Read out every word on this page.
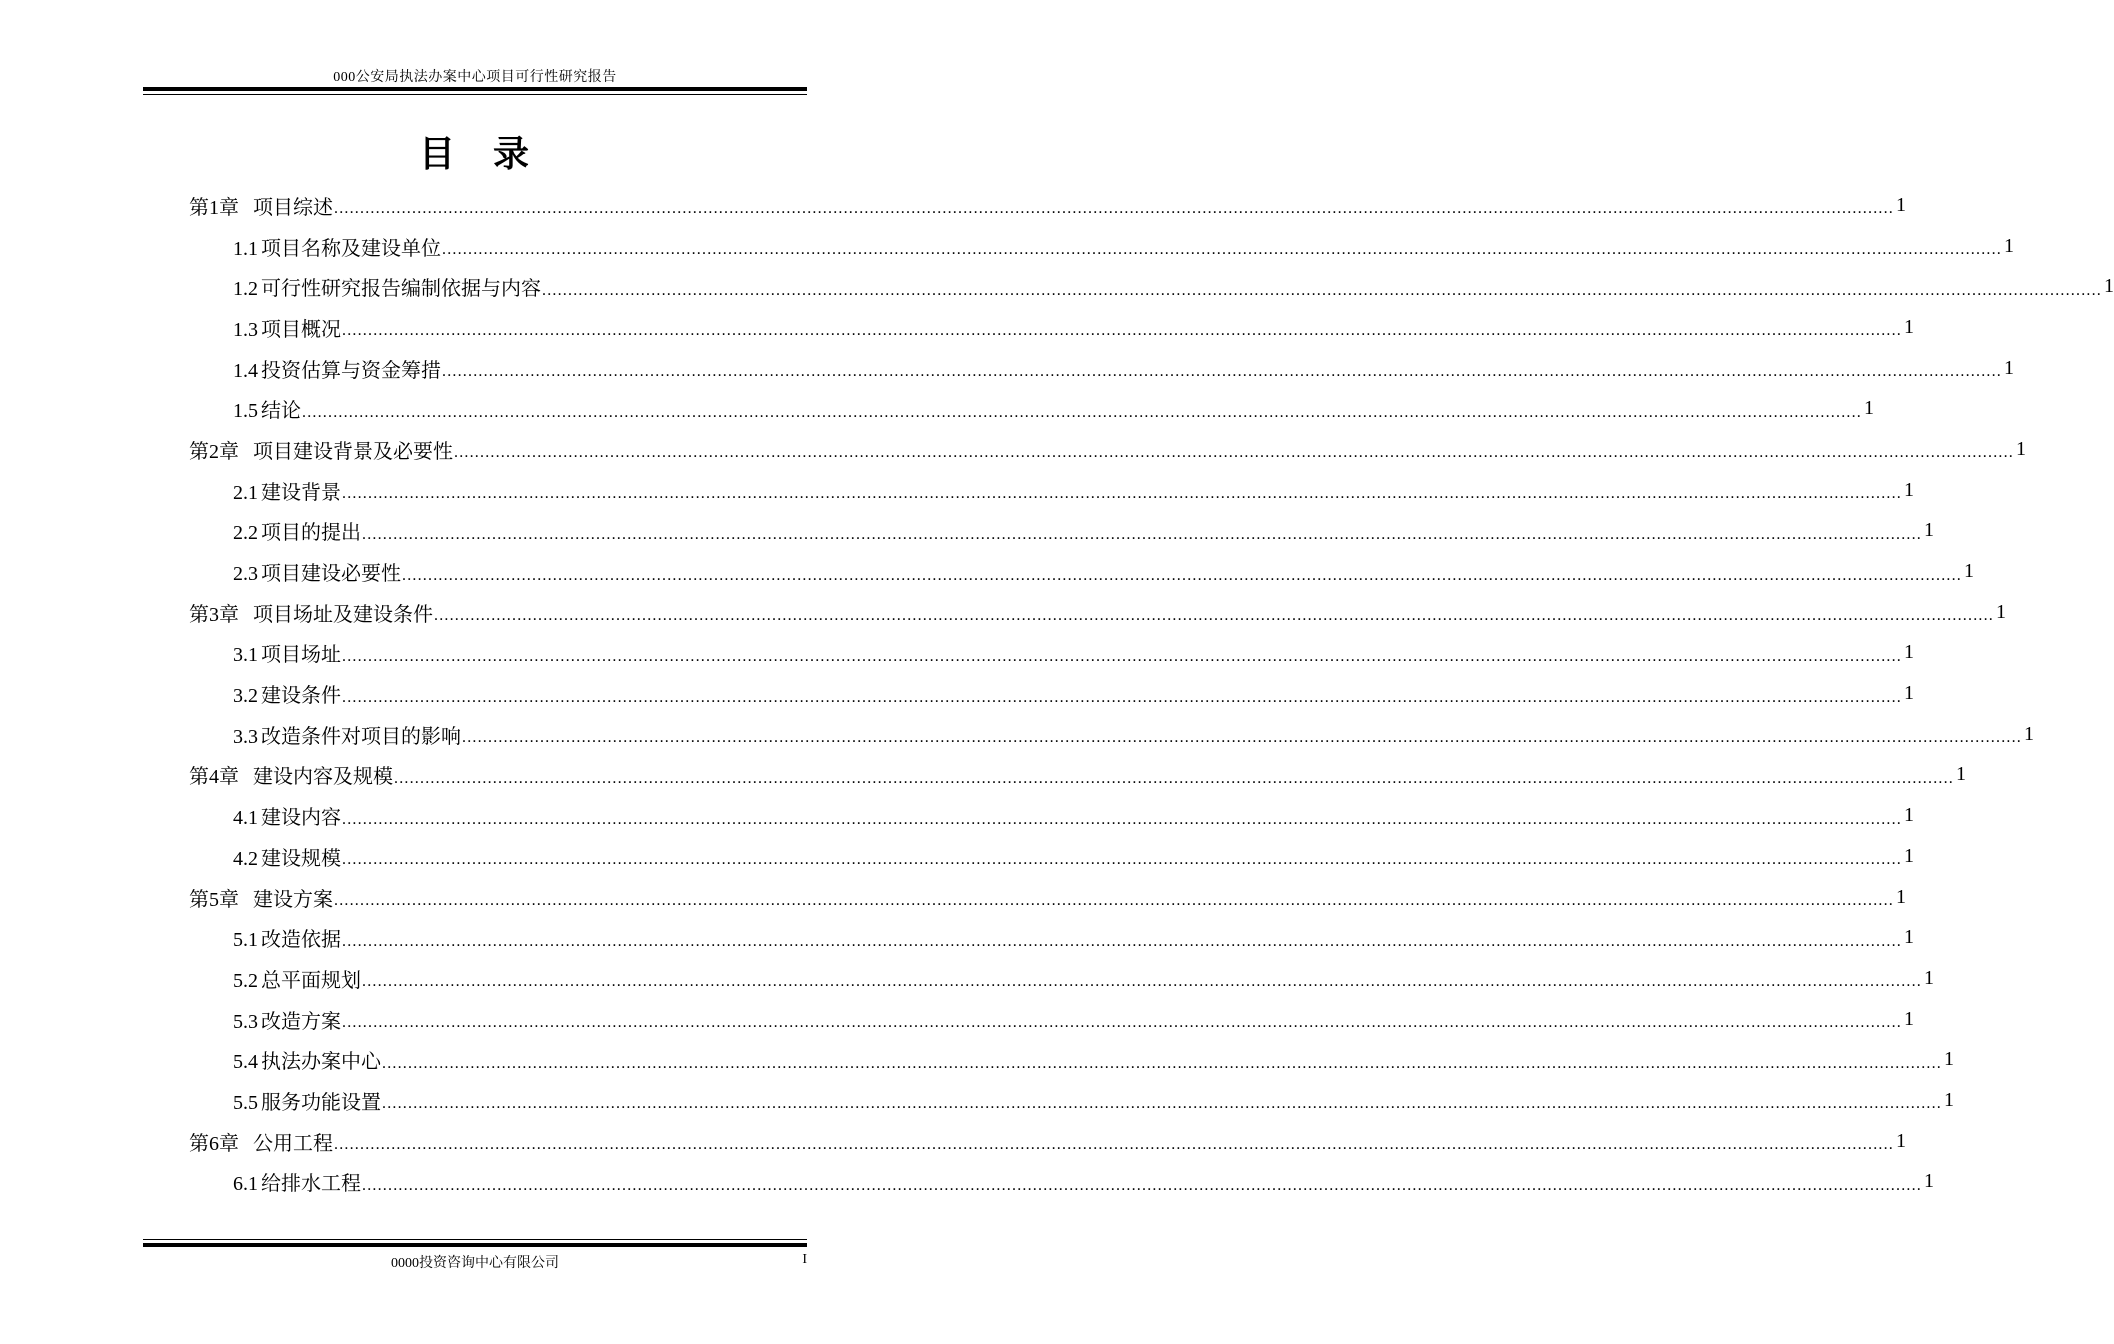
000公安局执法办案中心项目可行性研究报告
目 录
第1章 项目综述 ............................................................................................................................................................................................................................................................................................................ 1
1.1 项目名称及建设单位 ............................................................................................................................................................................................................................................................................................................ 1
1.2 可行性研究报告编制依据与内容 ............................................................................................................................................................................................................................................................................................................ 1
1.3 项目概况 ............................................................................................................................................................................................................................................................................................................ 1
1.4 投资估算与资金筹措 ............................................................................................................................................................................................................................................................................................................ 1
1.5 结论 ............................................................................................................................................................................................................................................................................................................ 1
第2章 项目建设背景及必要性 ............................................................................................................................................................................................................................................................................................................ 1
2.1 建设背景 ............................................................................................................................................................................................................................................................................................................ 1
2.2 项目的提出 ............................................................................................................................................................................................................................................................................................................ 1
2.3 项目建设必要性 ............................................................................................................................................................................................................................................................................................................ 1
第3章 项目场址及建设条件 ............................................................................................................................................................................................................................................................................................................ 1
3.1 项目场址 ............................................................................................................................................................................................................................................................................................................ 1
3.2 建设条件 ............................................................................................................................................................................................................................................................................................................ 1
3.3 改造条件对项目的影响 ............................................................................................................................................................................................................................................................................................................ 1
第4章 建设内容及规模 ............................................................................................................................................................................................................................................................................................................ 1
4.1 建设内容 ............................................................................................................................................................................................................................................................................................................ 1
4.2 建设规模 ............................................................................................................................................................................................................................................................................................................ 1
第5章 建设方案 ............................................................................................................................................................................................................................................................................................................ 1
5.1 改造依据 ............................................................................................................................................................................................................................................................................................................ 1
5.2 总平面规划 ............................................................................................................................................................................................................................................................................................................ 1
5.3 改造方案 ............................................................................................................................................................................................................................................................................................................ 1
5.4 执法办案中心 ............................................................................................................................................................................................................................................................................................................ 1
5.5 服务功能设置 ............................................................................................................................................................................................................................................................................................................ 1
第6章 公用工程 ............................................................................................................................................................................................................................................................................................................ 1
6.1 给排水工程 ............................................................................................................................................................................................................................................................................................................ 1
0000投资咨询中心有限公司	I
